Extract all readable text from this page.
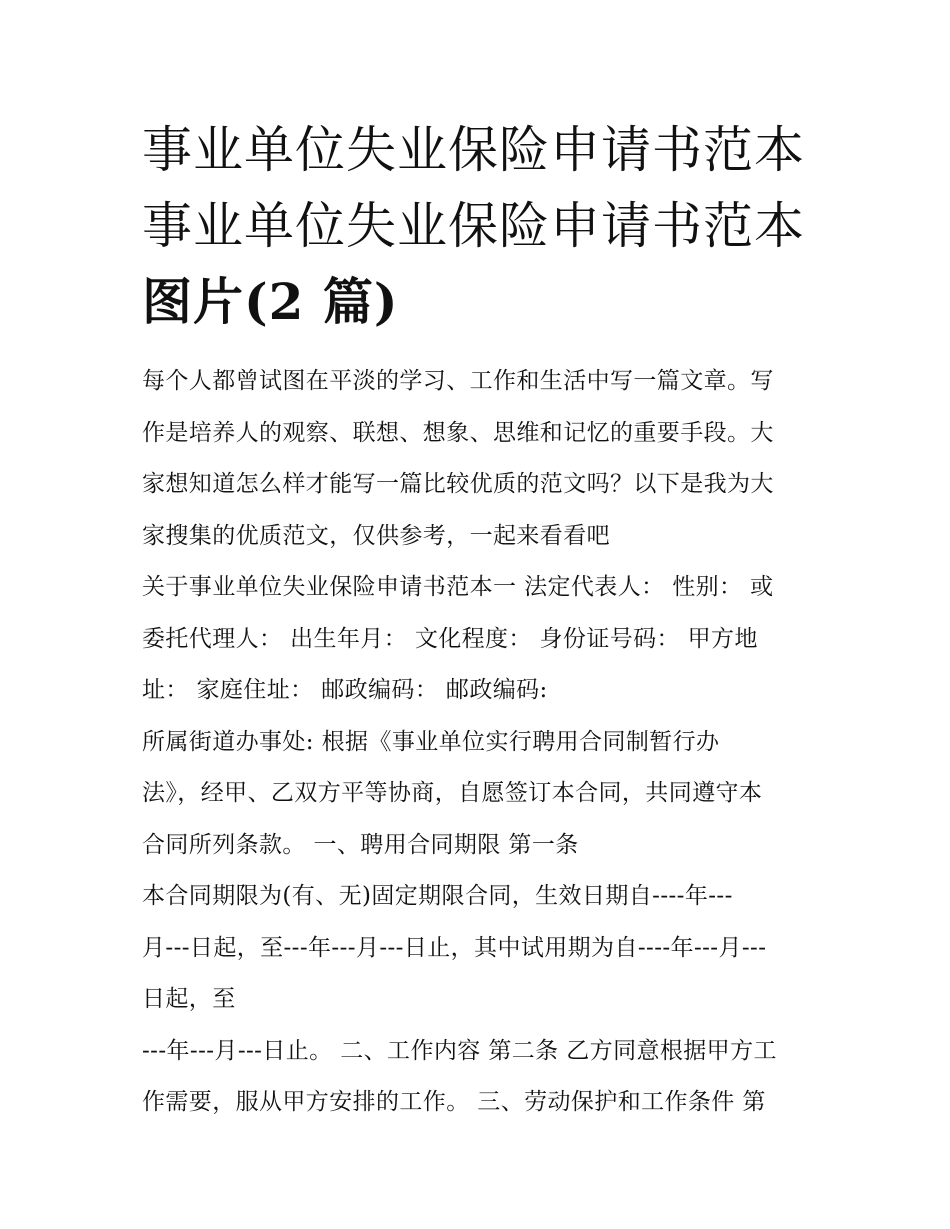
事业单位失业保险申请书范本
事业单位失业保险申请书范本
图片(2 篇)
每个人都曾试图在平淡的学习、工作和生活中写一篇文章。写
作是培养人的观察、联想、想象、思维和记忆的重要手段。大
家想知道怎么样才能写一篇比较优质的范文吗？以下是我为大
家搜集的优质范文，仅供参考，一起来看看吧
关于事业单位失业保险申请书范本一 法定代表人： 性别： 或
委托代理人： 出生年月： 文化程度： 身份证号码： 甲方地
址： 家庭住址： 邮政编码： 邮政编码:
所属街道办事处: 根据《事业单位实行聘用合同制暂行办
法》，经甲、乙双方平等协商，自愿签订本合同，共同遵守本
合同所列条款。 一、聘用合同期限 第一条
本合同期限为(有、无)固定期限合同，生效日期自----年---
月---日起，至---年---月---日止，其中试用期为自----年---月---
日起，至
---年---月---日止。 二、工作内容 第二条 乙方同意根据甲方工
作需要，服从甲方安排的工作。 三、劳动保护和工作条件 第
